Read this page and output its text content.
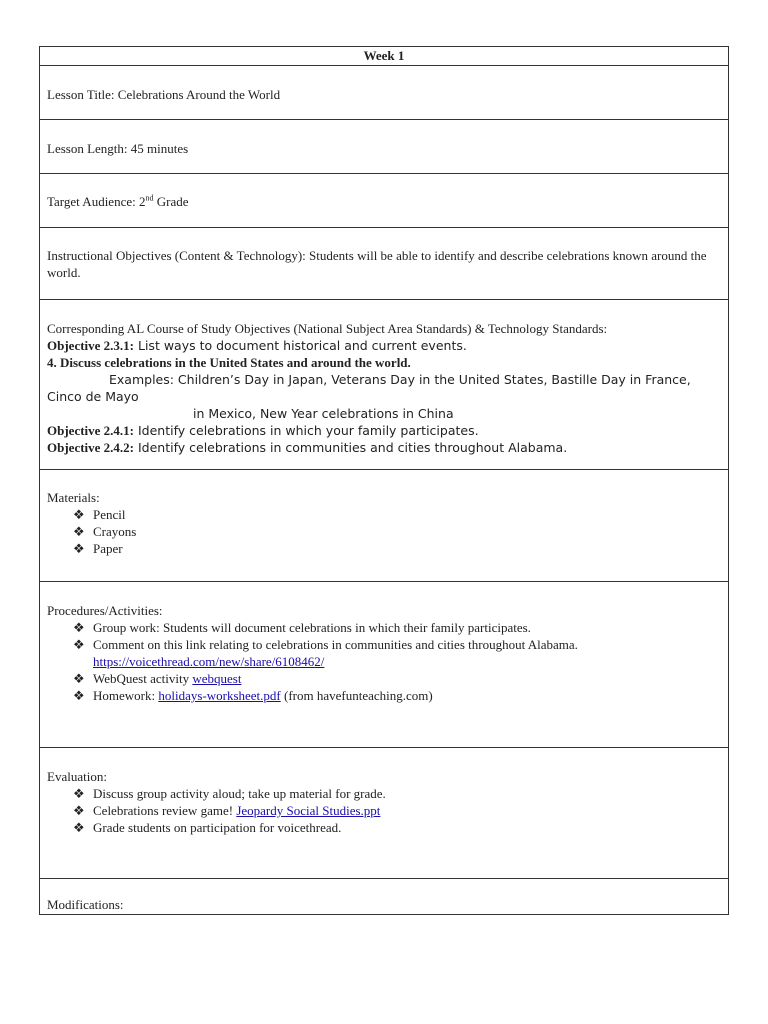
Week 1
Lesson Title: Celebrations Around the World
Lesson Length: 45 minutes
Target Audience: 2nd Grade
Instructional Objectives (Content & Technology): Students will be able to identify and describe celebrations known around the world.

Corresponding AL Course of Study Objectives (National Subject Area Standards) & Technology Standards:
Objective 2.3.1: List ways to document historical and current events.
4. Discuss celebrations in the United States and around the world.
Examples: Children’s Day in Japan, Veterans Day in the United States, Bastille Day in France, Cinco de Mayo
in Mexico, New Year celebrations in China
Objective 2.4.1: Identify celebrations in which your family participates.
Objective 2.4.2: Identify celebrations in communities and cities throughout Alabama.

Materials:
❖ Pencil
❖ Crayons
❖ Paper

Procedures/Activities:
❖ Group work: Students will document celebrations in which their family participates.
❖ Comment on this link relating to celebrations in communities and cities throughout Alabama.
https://voicethread.com/new/share/6108462/
❖ WebQuest activity webquest
❖ Homework: holidays-worksheet.pdf (from havefunteaching.com)

Evaluation:
❖ Discuss group activity aloud; take up material for grade.
❖ Celebrations review game! Jeopardy Social Studies.ppt
❖ Grade students on participation for voicethread.

Modifications:
